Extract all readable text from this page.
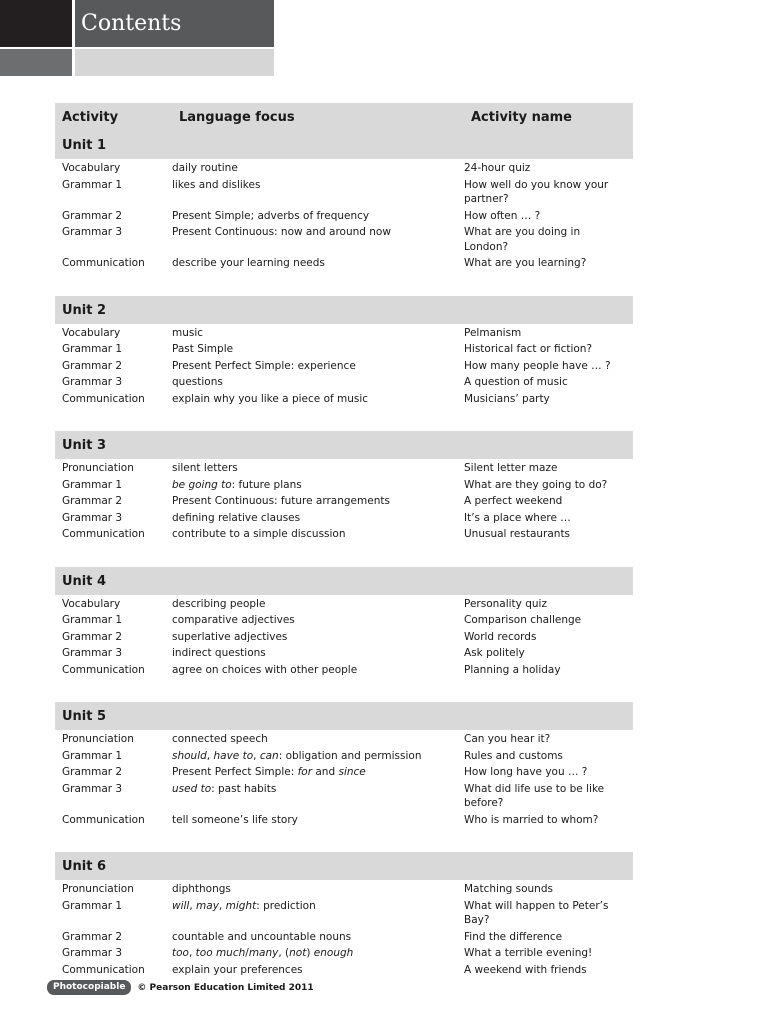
Contents
Activity	Language focus	Activity name
Unit 1
Vocabulary	daily routine	24-hour quiz
Grammar 1	likes and dislikes	How well do you know your partner?
Grammar 2	Present Simple; adverbs of frequency	How often … ?
Grammar 3	Present Continuous: now and around now	What are you doing in London?
Communication	describe your learning needs	What are you learning?
Unit 2
Vocabulary	music	Pelmanism
Grammar 1	Past Simple	Historical fact or fiction?
Grammar 2	Present Perfect Simple: experience	How many people have … ?
Grammar 3	questions	A question of music
Communication	explain why you like a piece of music	Musicians’ party
Unit 3
Pronunciation	silent letters	Silent letter maze
Grammar 1	be going to: future plans	What are they going to do?
Grammar 2	Present Continuous: future arrangements	A perfect weekend
Grammar 3	defining relative clauses	It’s a place where …
Communication	contribute to a simple discussion	Unusual restaurants
Unit 4
Vocabulary	describing people	Personality quiz
Grammar 1	comparative adjectives	Comparison challenge
Grammar 2	superlative adjectives	World records
Grammar 3	indirect questions	Ask politely
Communication	agree on choices with other people	Planning a holiday
Unit 5
Pronunciation	connected speech	Can you hear it?
Grammar 1	should, have to, can: obligation and permission	Rules and customs
Grammar 2	Present Perfect Simple: for and since	How long have you … ?
Grammar 3	used to: past habits	What did life use to be like before?
Communication	tell someone’s life story	Who is married to whom?
Unit 6
Pronunciation	diphthongs	Matching sounds
Grammar 1	will, may, might: prediction	What will happen to Peter’s Bay?
Grammar 2	countable and uncountable nouns	Find the difference
Grammar 3	too, too much/many, (not) enough	What a terrible evening!
Communication	explain your preferences	A weekend with friends
Photocopiable	© Pearson Education Limited 2011
